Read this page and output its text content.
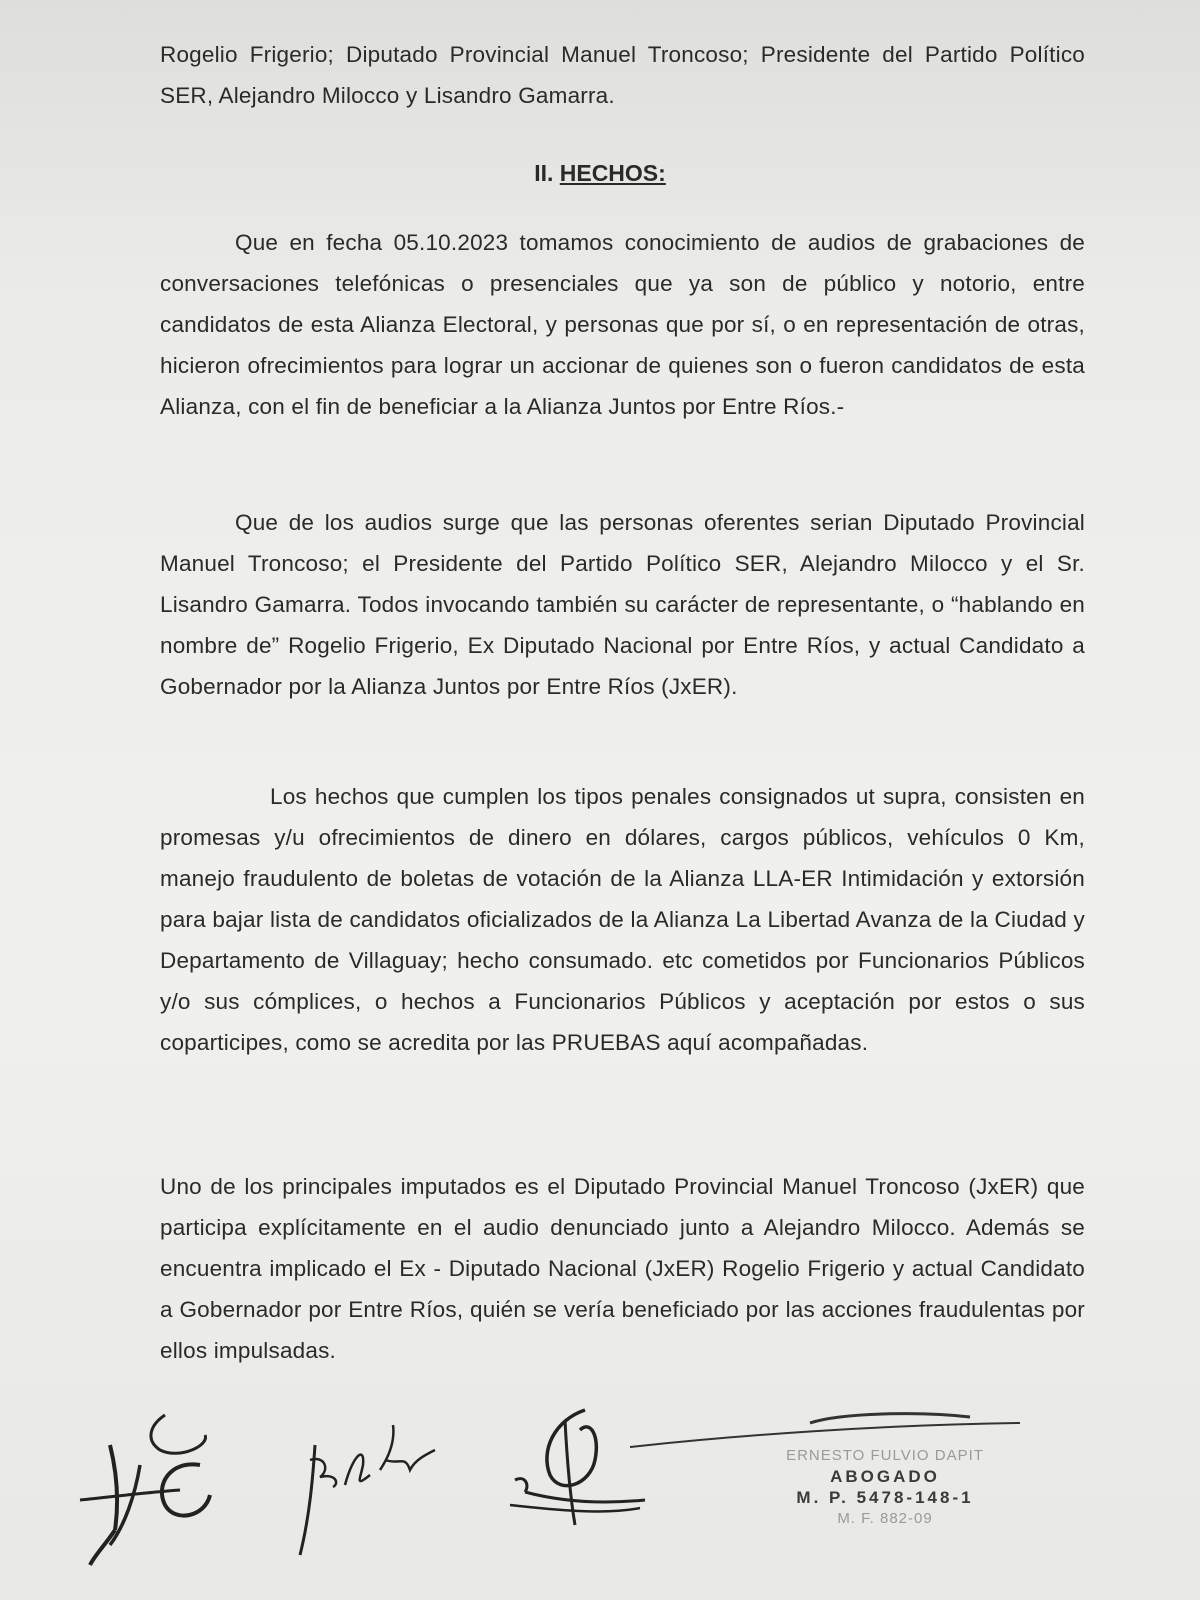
Rogelio Frigerio; Diputado Provincial Manuel Troncoso; Presidente del Partido Político SER, Alejandro Milocco y Lisandro Gamarra.

II. HECHOS:

Que en fecha 05.10.2023 tomamos conocimiento de audios de grabaciones de conversaciones telefónicas o presenciales que ya son de público y notorio, entre candidatos de esta Alianza Electoral, y personas que por sí, o en representación de otras, hicieron ofrecimientos para lograr un accionar de quienes son o fueron candidatos de esta Alianza, con el fin de beneficiar a la Alianza Juntos por Entre Ríos.-

Que de los audios surge que las personas oferentes serian Diputado Provincial Manuel Troncoso; el Presidente del Partido Político SER, Alejandro Milocco y el Sr. Lisandro Gamarra. Todos invocando también su carácter de representante, o “hablando en nombre de” Rogelio Frigerio, Ex Diputado Nacional por Entre Ríos, y actual Candidato a Gobernador por la Alianza Juntos por Entre Ríos (JxER).

Los hechos que cumplen los tipos penales consignados ut supra, consisten en promesas y/u ofrecimientos de dinero en dólares, cargos públicos, vehículos 0 Km, manejo fraudulento de boletas de votación de la Alianza LLA-ER Intimidación y extorsión para bajar lista de candidatos oficializados de la Alianza La Libertad Avanza de la Ciudad y Departamento de Villaguay; hecho consumado. etc cometidos por Funcionarios Públicos y/o sus cómplices, o hechos a Funcionarios Públicos y aceptación por estos o sus coparticipes, como se acredita por las PRUEBAS aquí acompañadas.

Uno de los principales imputados es el Diputado Provincial Manuel Troncoso (JxER) que participa explícitamente en el audio denunciado junto a Alejandro Milocco. Además se encuentra implicado el Ex - Diputado Nacional (JxER) Rogelio Frigerio y actual Candidato a Gobernador por Entre Ríos, quién se vería beneficiado por las acciones fraudulentas por ellos impulsadas.

ERNESTO FULVIO DAPIT
ABOGADO
M. P. 5478-148-1
M. F. 882-09
